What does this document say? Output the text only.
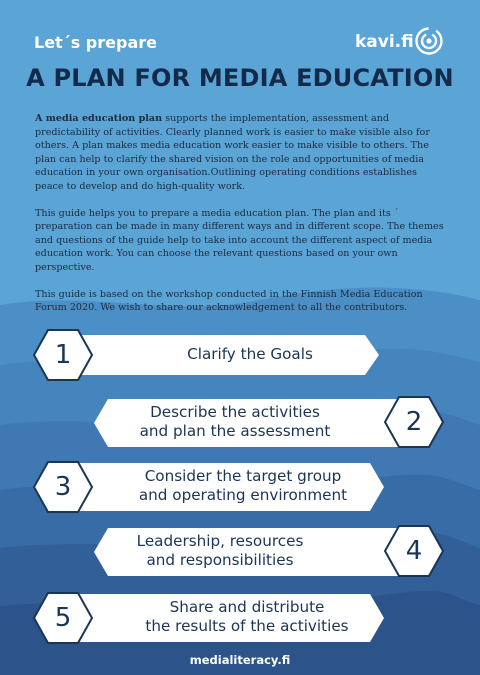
Let´s prepare	kavi.fi
A PLAN FOR MEDIA EDUCATION

A media education plan supports the implementation, assessment and predictability of activities. Clearly planned work is easier to make visible also for others. A plan makes media education work easier to make visible to others. The plan can help to clarify the shared vision on the role and opportunities of media education in your own organisation.Outlining operating conditions establishes peace to develop and do high-quality work.

This guide helps you to prepare a media education plan. The plan and its ´ preparation can be made in many different ways and in different scope. The themes and questions of the guide help to take into account the different aspect of media education work. You can choose the relevant questions based on your own perspective.

This guide is based on the workshop conducted in the Finnish Media Education Forum 2020. We wish to share our acknowledgement to all the contributors.

Clarify the Goals
1
Describe the activities
and plan the assessment	2
Consider the target group
and operating environment
3
Leadership, resources
and responsibilities	4
Share and distribute
the results of the activities
5
medialiteracy.fi
